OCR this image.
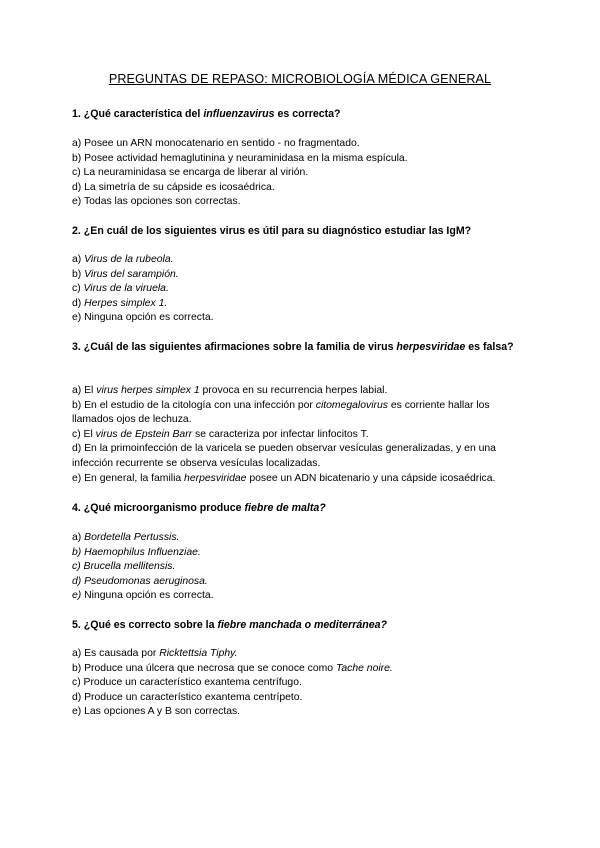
PREGUNTAS DE REPASO: MICROBIOLOGÍA MÉDICA GENERAL
1. ¿Qué característica del influenzavirus es correcta?
a) Posee un ARN monocatenario en sentido - no fragmentado.
b) Posee actividad hemaglutinina y neuraminidasa en la misma espícula.
c) La neuraminidasa se encarga de liberar al virión.
d) La simetría de su cápside es icosaédrica.
e) Todas las opciones son correctas.
2. ¿En cuál de los siguientes virus es útil para su diagnóstico estudiar las IgM?
a) Virus de la rubeola.
b) Virus del sarampión.
c) Virus de la viruela.
d) Herpes simplex 1.
e) Ninguna opción es correcta.
3. ¿Cuál de las siguientes afirmaciones sobre la familia de virus herpesviridae es falsa?
a) El virus herpes simplex 1 provoca en su recurrencia herpes labial.
b) En el estudio de la citología con una infección por citomegalovirus es corriente hallar los llamados ojos de lechuza.
c) El virus de Epstein Barr se caracteriza por infectar linfocitos T.
d) En la primoinfección de la varicela se pueden observar vesículas generalizadas, y en una infección recurrente se observa vesículas localizadas.
e) En general, la familia herpesviridae posee un ADN bicatenario y una cápside icosaédrica.
4. ¿Qué microorganismo produce fiebre de malta?
a) Bordetella Pertussis.
b) Haemophilus Influenziae.
c) Brucella mellitensis.
d) Pseudomonas aeruginosa.
e) Ninguna opción es correcta.
5. ¿Qué es correcto sobre la fiebre manchada o mediterránea?
a) Es causada por Ricktettsia Tiphy.
b) Produce una úlcera que necrosa que se conoce como Tache noire.
c) Produce un característico exantema centrífugo.
d) Produce un característico exantema centrípeto.
e) Las opciones A y B son correctas.
